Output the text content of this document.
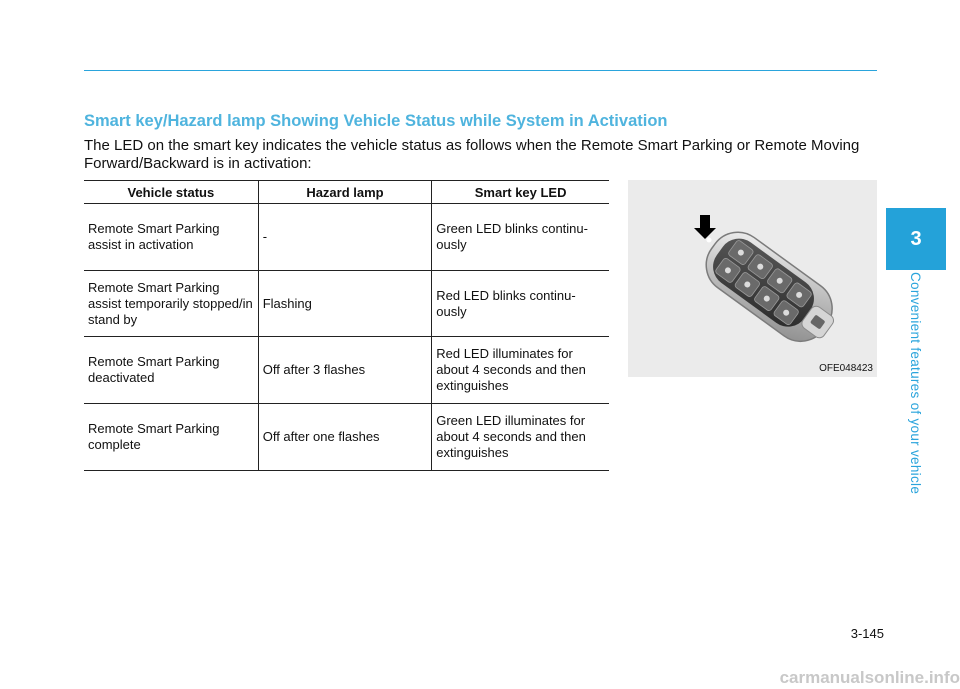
Smart key/Hazard lamp Showing Vehicle Status while System in Activation
The LED on the smart key indicates the vehicle status as follows when the Remote Smart Parking or Remote Moving Forward/Backward is in activation:
Vehicle status	Hazard lamp	Smart key LED
Remote Smart Parking assist in activation	-	Green LED blinks continu-ously
Remote Smart Parking assist temporarily stopped/in stand by	Flashing	Red LED blinks continu-ously
Remote Smart Parking deactivated	Off after 3 flashes	Red LED illuminates for about 4 seconds and then extinguishes
Remote Smart Parking complete	Off after one flashes	Green LED illuminates for about 4 seconds and then extinguishes
OFE048423
3
Convenient features of your vehicle
3-145
carmanualsonline.info
